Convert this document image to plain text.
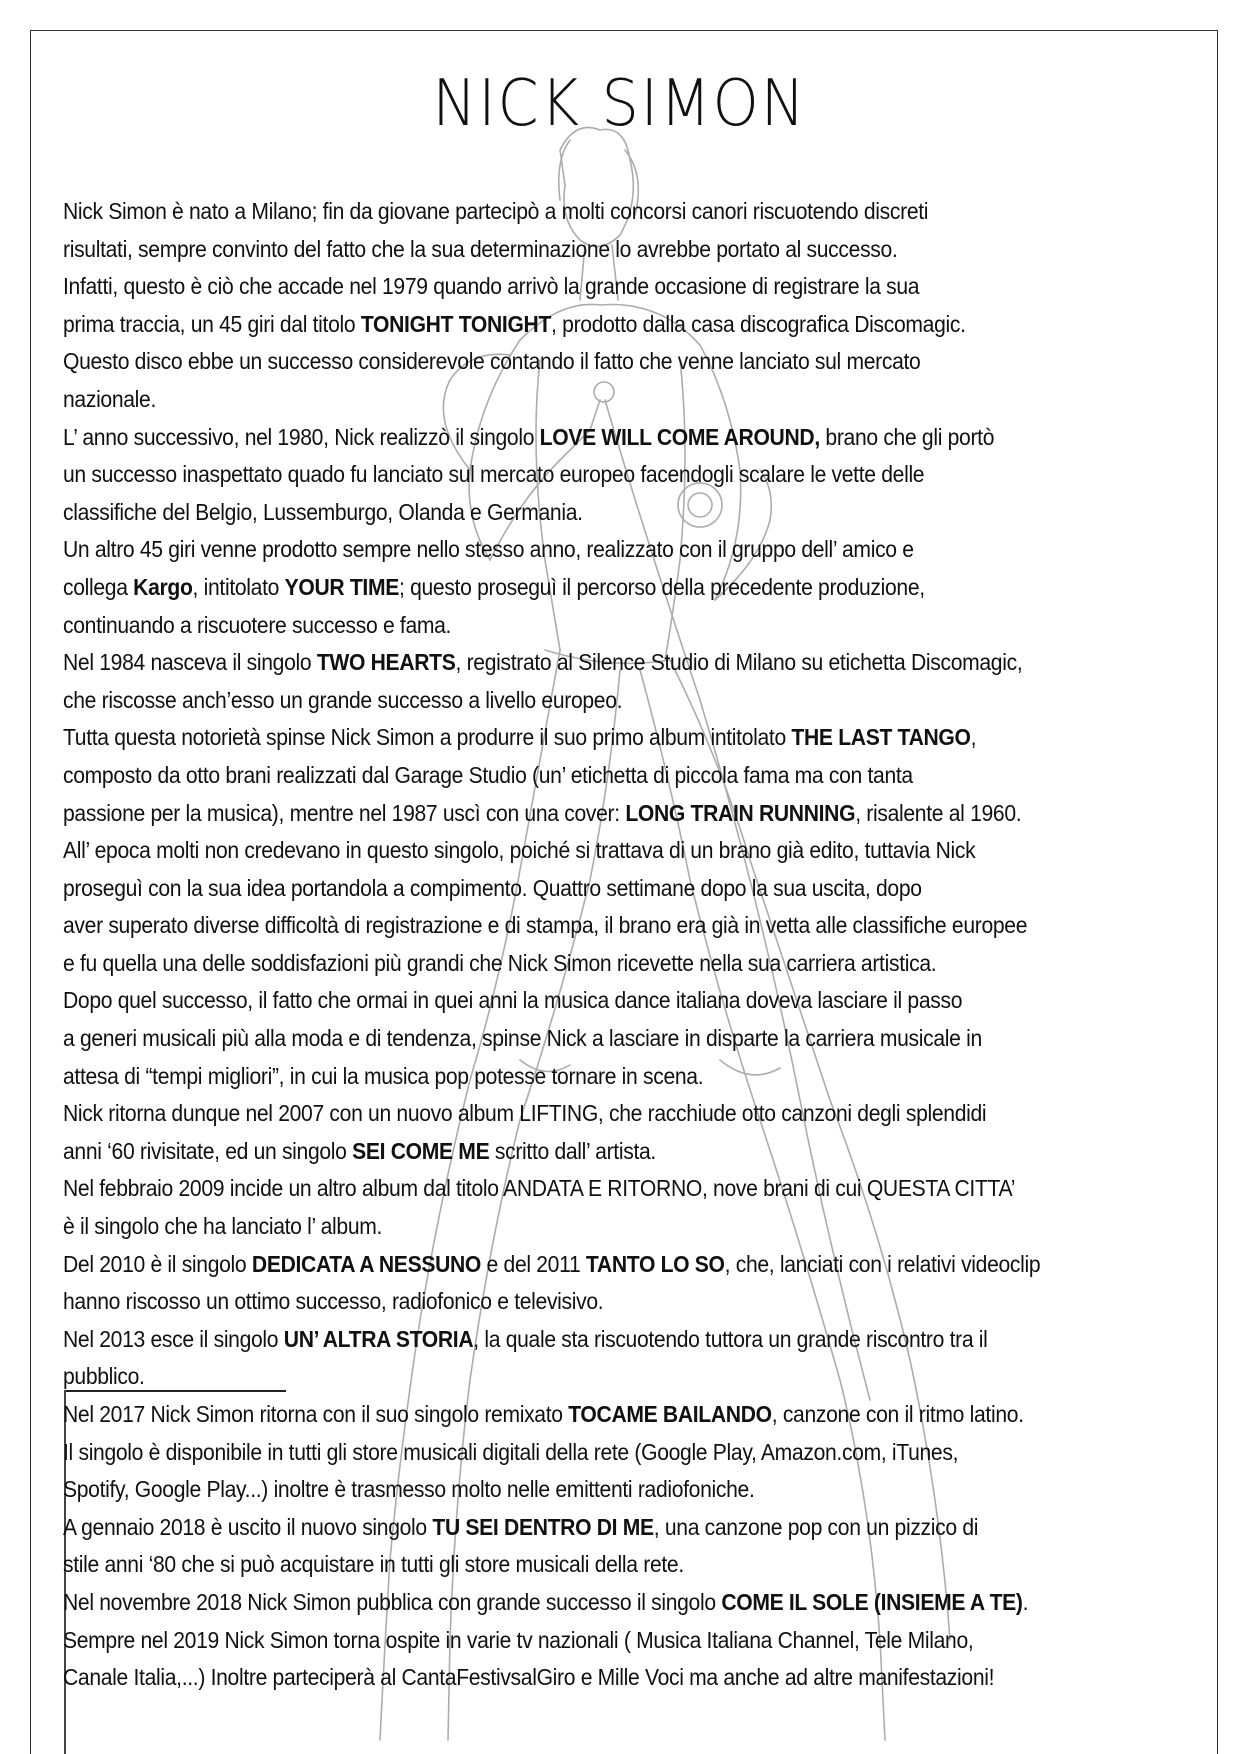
NICK SIMON
Nick Simon è nato a Milano; fin da giovane partecipò a molti concorsi canori riscuotendo discreti
risultati, sempre convinto del fatto che la sua determinazione lo avrebbe portato al successo.
Infatti, questo è ciò che accade nel 1979 quando arrivò la grande occasione di registrare la sua
prima traccia, un 45 giri dal titolo TONIGHT TONIGHT, prodotto dalla casa discografica Discomagic.
Questo disco ebbe un successo considerevole contando il fatto che venne lanciato sul mercato
nazionale.
L’ anno successivo, nel 1980, Nick realizzò il singolo LOVE WILL COME AROUND, brano che gli portò
un successo inaspettato quado fu lanciato sul mercato europeo facendogli scalare le vette delle
classifiche del Belgio, Lussemburgo, Olanda e Germania.
Un altro 45 giri venne prodotto sempre nello stesso anno, realizzato con il gruppo dell’ amico e
collega Kargo, intitolato YOUR TIME; questo proseguì il percorso della precedente produzione,
continuando a riscuotere successo e fama.
Nel 1984 nasceva il singolo TWO HEARTS, registrato al Silence Studio di Milano su etichetta Discomagic,
che riscosse anch’esso un grande successo a livello europeo.
Tutta questa notorietà spinse Nick Simon a produrre il suo primo album intitolato THE LAST TANGO,
composto da otto brani realizzati dal Garage Studio (un’ etichetta di piccola fama ma con tanta
passione per la musica), mentre nel 1987 uscì con una cover: LONG TRAIN RUNNING, risalente al 1960.
All’ epoca molti non credevano in questo singolo, poiché si trattava di un brano già edito, tuttavia Nick
proseguì con la sua idea portandola a compimento. Quattro settimane dopo la sua uscita, dopo
aver superato diverse difficoltà di registrazione e di stampa, il brano era già in vetta alle classifiche europee
e fu quella una delle soddisfazioni più grandi che Nick Simon ricevette nella sua carriera artistica.
Dopo quel successo, il fatto che ormai in quei anni la musica dance italiana doveva lasciare il passo
a generi musicali più alla moda e di tendenza, spinse Nick a lasciare in disparte la carriera musicale in
attesa di “tempi migliori”, in cui la musica pop potesse tornare in scena.
Nick ritorna dunque nel 2007 con un nuovo album LIFTING, che racchiude otto canzoni degli splendidi
anni ‘60 rivisitate, ed un singolo SEI COME ME scritto dall’ artista.
Nel febbraio 2009 incide un altro album dal titolo ANDATA E RITORNO, nove brani di cui QUESTA CITTA’
è il singolo che ha lanciato l’ album.
Del 2010 è il singolo DEDICATA A NESSUNO e del 2011 TANTO LO SO, che, lanciati con i relativi videoclip
hanno riscosso un ottimo successo, radiofonico e televisivo.
Nel 2013 esce il singolo UN’ ALTRA STORIA, la quale sta riscuotendo tuttora un grande riscontro tra il
pubblico.
Nel 2017 Nick Simon ritorna con il suo singolo remixato TOCAME BAILANDO, canzone con il ritmo latino.
Il singolo è disponibile in tutti gli store musicali digitali della rete (Google Play, Amazon.com, iTunes,
Spotify, Google Play...) inoltre è trasmesso molto nelle emittenti radiofoniche.
A gennaio 2018 è uscito il nuovo singolo TU SEI DENTRO DI ME, una canzone pop con un pizzico di
stile anni ‘80 che si può acquistare in tutti gli store musicali della rete.
Nel novembre 2018 Nick Simon pubblica con grande successo il singolo COME IL SOLE (INSIEME A TE).
Sempre nel 2019 Nick Simon torna ospite in varie tv nazionali ( Musica Italiana Channel, Tele Milano,
Canale Italia,...) Inoltre parteciperà al CantaFestivsalGiro e Mille Voci ma anche ad altre manifestazioni!
